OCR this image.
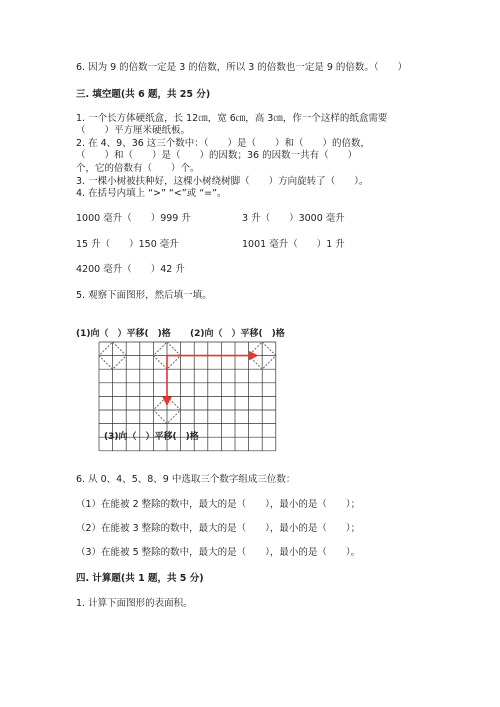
6. 因为 9 的倍数一定是 3 的倍数，所以 3 的倍数也一定是 9 的倍数。（　　）
三. 填空题(共 6 题，共 25 分)
1. 一个长方体硬纸盒，长 12㎝，宽 6㎝，高 3㎝，作一个这样的纸盒需要
（　　）平方厘米硬纸板。
2. 在 4、9、36 这三个数中：（　　）是（　　）和（　　）的倍数，
（　　）和（　　）是（　　）的因数；36 的因数一共有（　　）
个，它的倍数有（　　）个。
3. 一棵小树被扶种好，这棵小树绕树脚（　　）方向旋转了（　　）。
4. 在括号内填上 “>” “<”或 “=”。
1000 毫升（　　）999 升	3 升（　　）3000 毫升
15 升（　　）150 毫升	1001 毫升（　　）1 升
4200 毫升（　　）42 升
5. 观察下面图形，然后填一填。
(1)向（　）平移(　)格 (2)向（　）平移(　)格
(3)向（　）平移(　)格
6. 从 0、4、5、8、9 中选取三个数字组成三位数：
（1）在能被 2 整除的数中，最大的是（　　），最小的是（　　）；
（2）在能被 3 整除的数中，最大的是（　　），最小的是（　　）；
（3）在能被 5 整除的数中，最大的是（　　），最小的是（　　）。
四. 计算题(共 1 题，共 5 分)
1. 计算下面图形的表面积。
